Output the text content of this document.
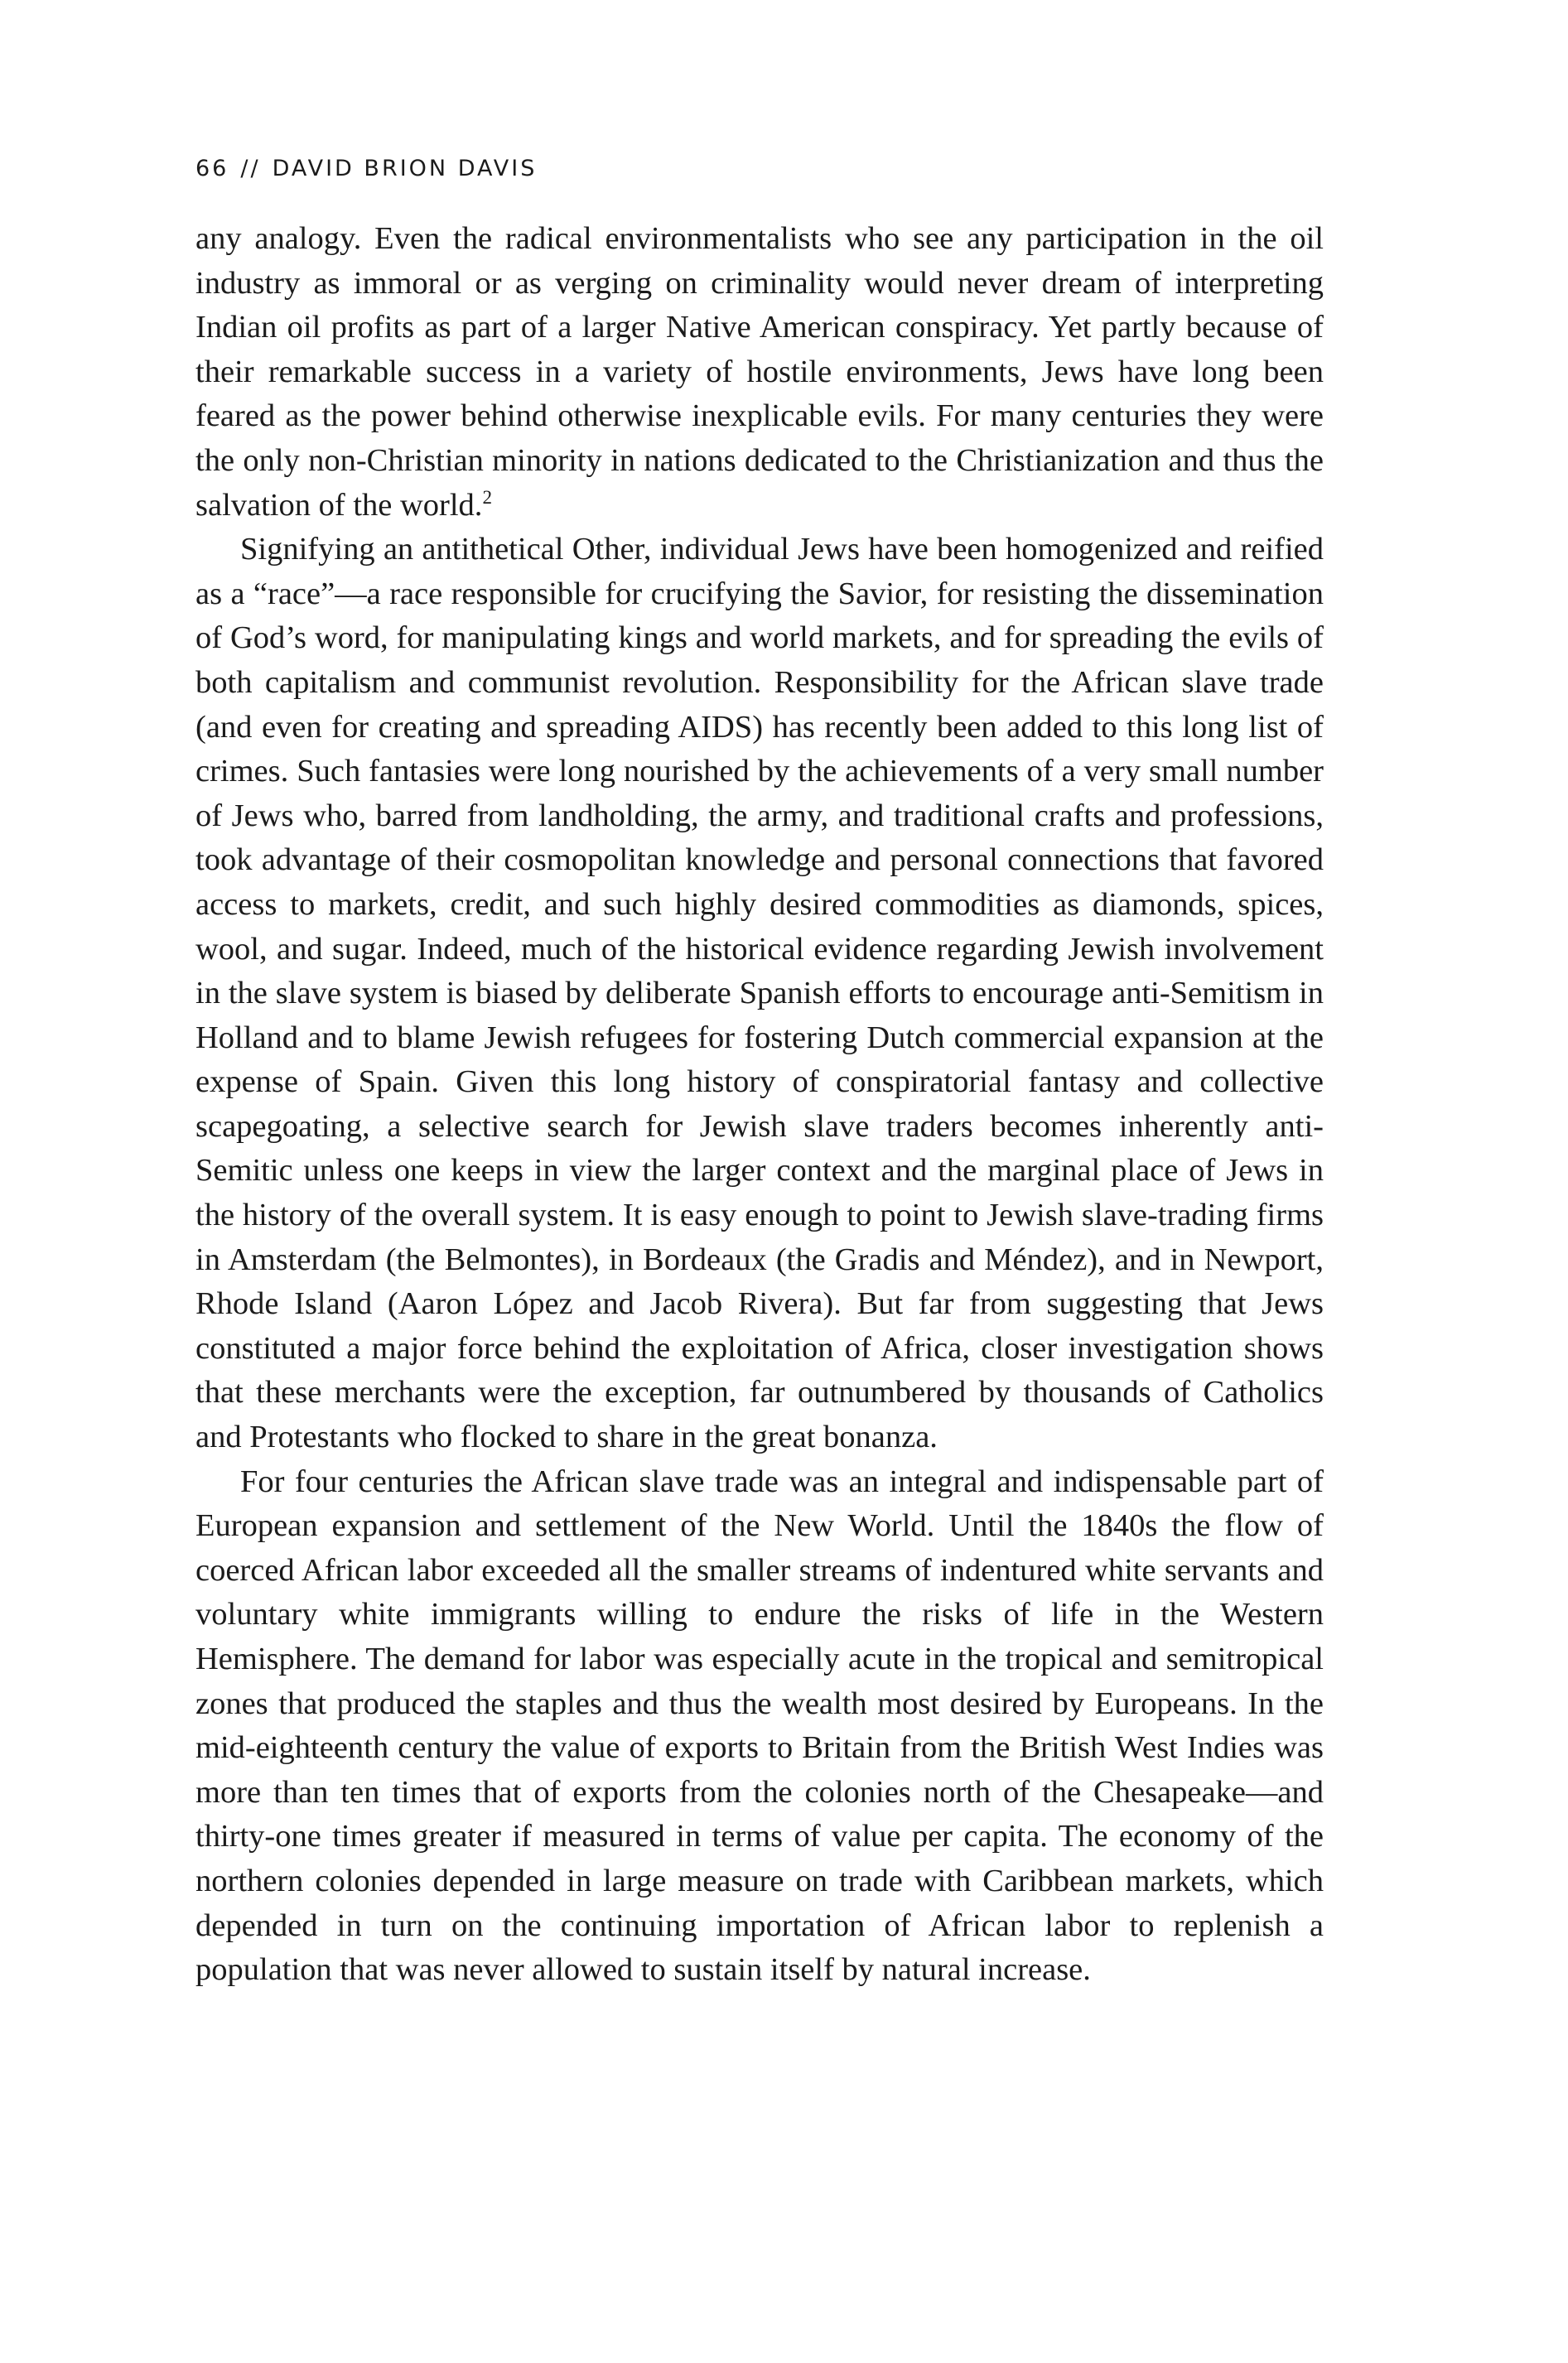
66 // DAVID BRION DAVIS

any analogy. Even the radical environmentalists who see any participation in the oil industry as immoral or as verging on criminality would never dream of interpreting Indian oil profits as part of a larger Native American conspiracy. Yet partly because of their remarkable success in a variety of hostile environments, Jews have long been feared as the power behind otherwise inexplicable evils. For many centuries they were the only non-Christian minority in nations dedicated to the Christianization and thus the salvation of the world.$^2$

Signifying an antithetical Other, individual Jews have been homogenized and reified as a “race”—a race responsible for crucifying the Savior, for resisting the dissemination of God’s word, for manipulating kings and world markets, and for spreading the evils of both capitalism and communist revolution. Responsibility for the African slave trade (and even for creating and spreading AIDS) has recently been added to this long list of crimes. Such fantasies were long nourished by the achievements of a very small number of Jews who, barred from landholding, the army, and traditional crafts and professions, took advantage of their cosmopolitan knowledge and personal connections that favored access to markets, credit, and such highly desired commodities as diamonds, spices, wool, and sugar. Indeed, much of the historical evidence regarding Jewish involvement in the slave system is biased by deliberate Spanish efforts to encourage anti-Semitism in Holland and to blame Jewish refugees for fostering Dutch commercial expansion at the expense of Spain. Given this long history of conspiratorial fantasy and collective scapegoating, a selective search for Jewish slave traders becomes inherently anti-Semitic unless one keeps in view the larger context and the marginal place of Jews in the history of the overall system. It is easy enough to point to Jewish slave-trading firms in Amsterdam (the Belmontes), in Bordeaux (the Gradis and Méndez), and in Newport, Rhode Island (Aaron López and Jacob Rivera). But far from suggesting that Jews constituted a major force behind the exploitation of Africa, closer investigation shows that these merchants were the exception, far outnumbered by thousands of Catholics and Protestants who flocked to share in the great bonanza.

For four centuries the African slave trade was an integral and indispensable part of European expansion and settlement of the New World. Until the 1840s the flow of coerced African labor exceeded all the smaller streams of indentured white servants and voluntary white immigrants willing to endure the risks of life in the Western Hemisphere. The demand for labor was especially acute in the tropical and semitropical zones that produced the staples and thus the wealth most desired by Europeans. In the mid-eighteenth century the value of exports to Britain from the British West Indies was more than ten times that of exports from the colonies north of the Chesapeake—and thirty-one times greater if measured in terms of value per capita. The economy of the northern colonies depended in large measure on trade with Caribbean markets, which depended in turn on the continuing importation of African labor to replenish a population that was never allowed to sustain itself by natural increase.
